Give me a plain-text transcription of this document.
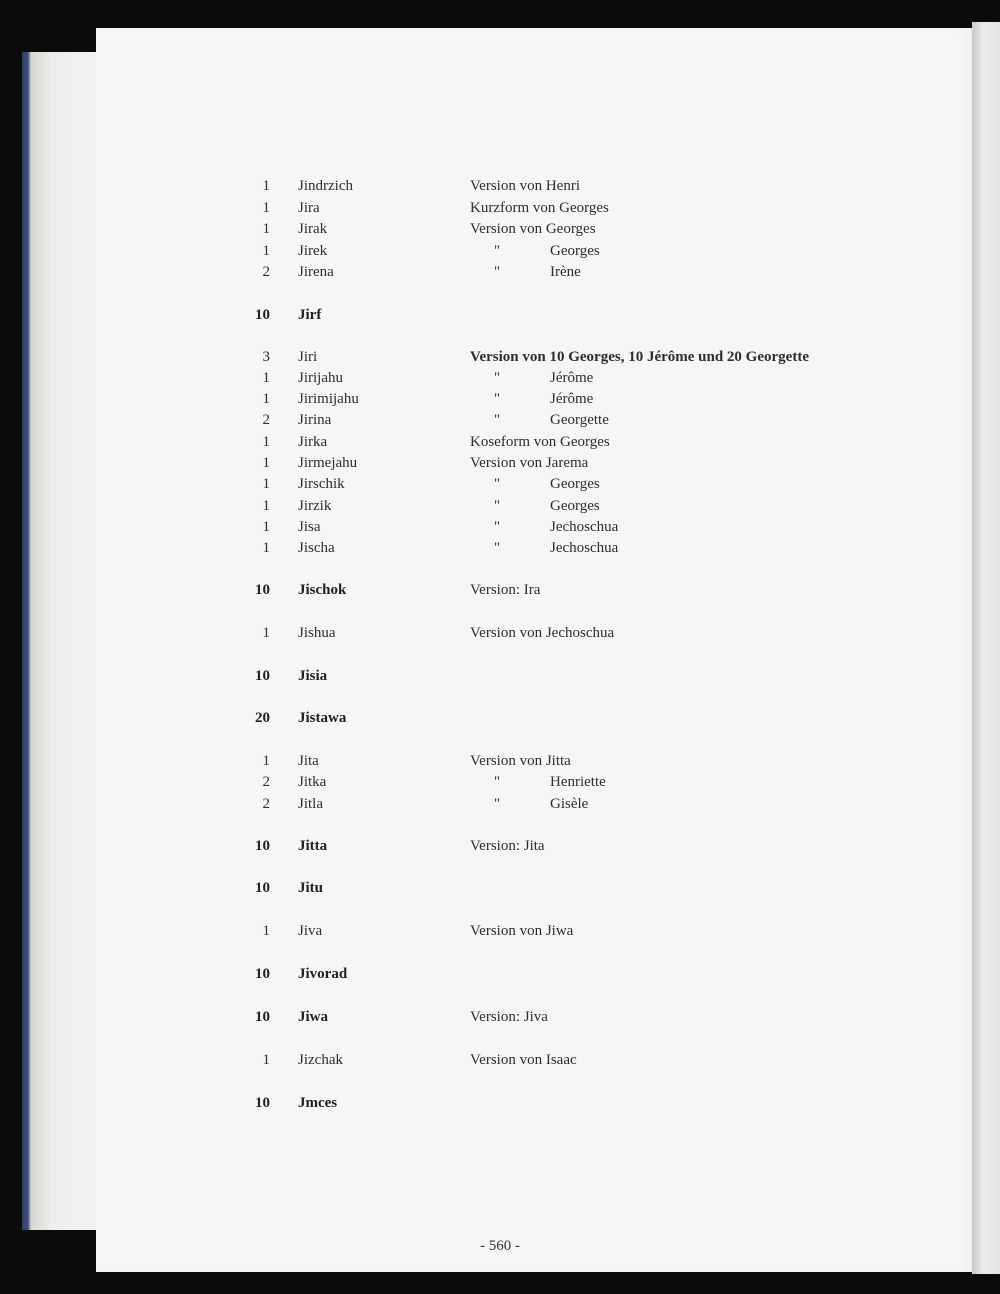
1 Jindrzich	Version von Henri
1 Jira	Kurzform von Georges
1 Jirak	Version von Georges
1 Jirek	"	Georges
2 Jirena	"	Irène
10 Jirf
3 Jiri	Version von 10 Georges, 10 Jérôme und 20 Georgette
1 Jirijahu	"	Jérôme
1 Jirimijahu	"	Jérôme
2 Jirina	"	Georgette
1 Jirka	Koseform von Georges
1 Jirmejahu	Version von Jarema
1 Jirschik	"	Georges
1 Jirzik	"	Georges
1 Jisa	"	Jechoschua
1 Jischa	"	Jechoschua
10 Jischok	Version: Ira
1 Jishua	Version von Jechoschua
10 Jisia
20 Jistawa
1 Jita	Version von Jitta
2 Jitka	"	Henriette
2 Jitla	"	Gisèle
10 Jitta	Version: Jita
10 Jitu
1 Jiva	Version von Jiwa
10 Jivorad
10 Jiwa	Version: Jiva
1 Jizchak	Version von Isaac
10 Jmces
- 560 -
